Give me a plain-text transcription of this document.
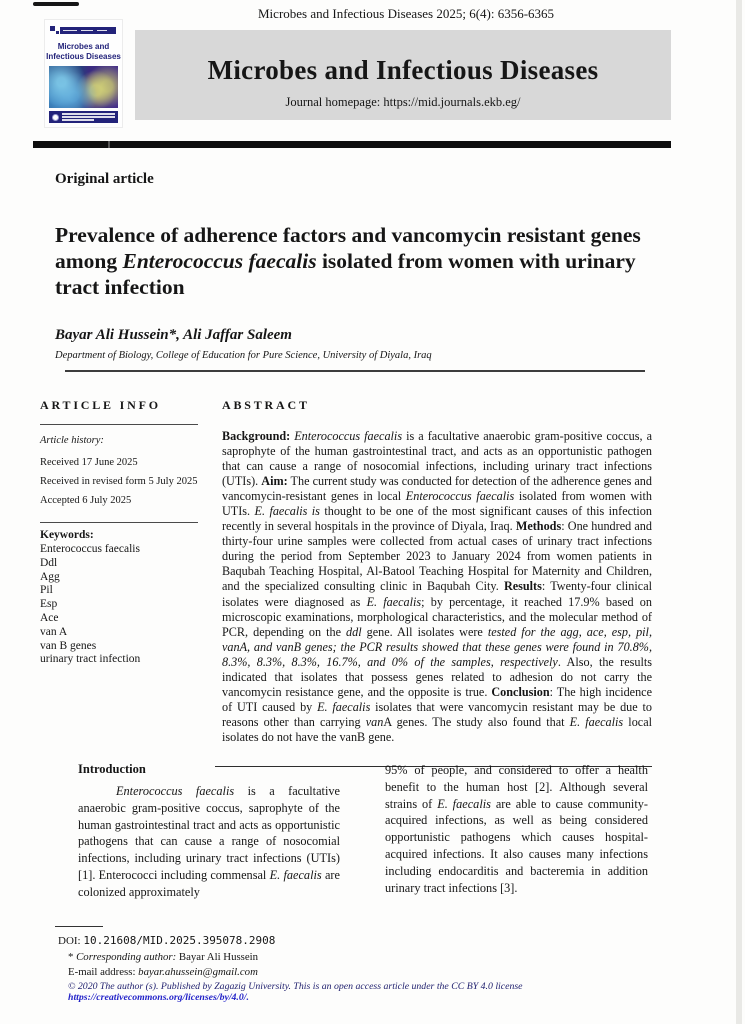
Microbes and Infectious Diseases 2025; 6(4): 6356-6365
Microbes and
Infectious Diseases	Microbes and Infectious Diseases
Journal homepage: https://mid.journals.ekb.eg/
Original article
Prevalence of adherence factors and vancomycin resistant genes among Enterococcus faecalis isolated from women with urinary tract infection
Bayar Ali Hussein*, Ali Jaffar Saleem
Department of Biology, College of Education for Pure Science, University of Diyala, Iraq
ARTICLE INFO
Article history:
Received 17 June 2025
Received in revised form 5 July 2025
Accepted 6 July 2025
Keywords:
Enterococcus faecalis
Ddl
Agg
Pil
Esp
Ace
van A
van B genes
urinary tract infection
ABSTRACT
Background: Enterococcus faecalis is a facultative anaerobic gram-positive coccus, a saprophyte of the human gastrointestinal tract, and acts as an opportunistic pathogen that can cause a range of nosocomial infections, including urinary tract infections (UTIs). Aim: The current study was conducted for detection of the adherence genes and vancomycin-resistant genes in local Enterococcus faecalis isolated from women with UTIs. E. faecalis is thought to be one of the most significant causes of this infection recently in several hospitals in the province of Diyala, Iraq. Methods: One hundred and thirty-four urine samples were collected from actual cases of urinary tract infections during the period from September 2023 to January 2024 from women patients in Baqubah Teaching Hospital, Al-Batool Teaching Hospital for Maternity and Children, and the specialized consulting clinic in Baqubah City. Results: Twenty-four clinical isolates were diagnosed as E. faecalis; by percentage, it reached 17.9% based on microscopic examinations, morphological characteristics, and the molecular method of PCR, depending on the ddl gene. All isolates were tested for the agg, ace, esp, pil, vanA, and vanB genes; the PCR results showed that these genes were found in 70.8%, 8.3%, 8.3%, 8.3%, 16.7%, and 0% of the samples, respectively. Also, the results indicated that isolates that possess genes related to adhesion do not carry the vancomycin resistance gene, and the opposite is true. Conclusion: The high incidence of UTI caused by E. faecalis isolates that were vancomycin resistant may be due to reasons other than carrying vanA genes. The study also found that E. faecalis local isolates do not have the vanB gene.
Introduction

Enterococcus faecalis is a facultative anaerobic gram-positive coccus, saprophyte of the human gastrointestinal tract and acts as opportunistic pathogens that can cause a range of nosocomial infections, including urinary tract infections (UTIs) [1]. Enterococci including commensal E. faecalis are colonized approximately

95% of people, and considered to offer a health benefit to the human host [2]. Although several strains of E. faecalis are able to cause community-acquired infections, as well as being considered opportunistic pathogens which causes hospital-acquired infections. It also causes many infections including endocarditis and bacteremia in addition urinary tract infections [3].

DOI: 10.21608/MID.2025.395078.2908
* Corresponding author: Bayar Ali Hussein
E-mail address: bayar.ahussein@gmail.com
© 2020 The author (s). Published by Zagazig University. This is an open access article under the CC BY 4.0 license https://creativecommons.org/licenses/by/4.0/.
